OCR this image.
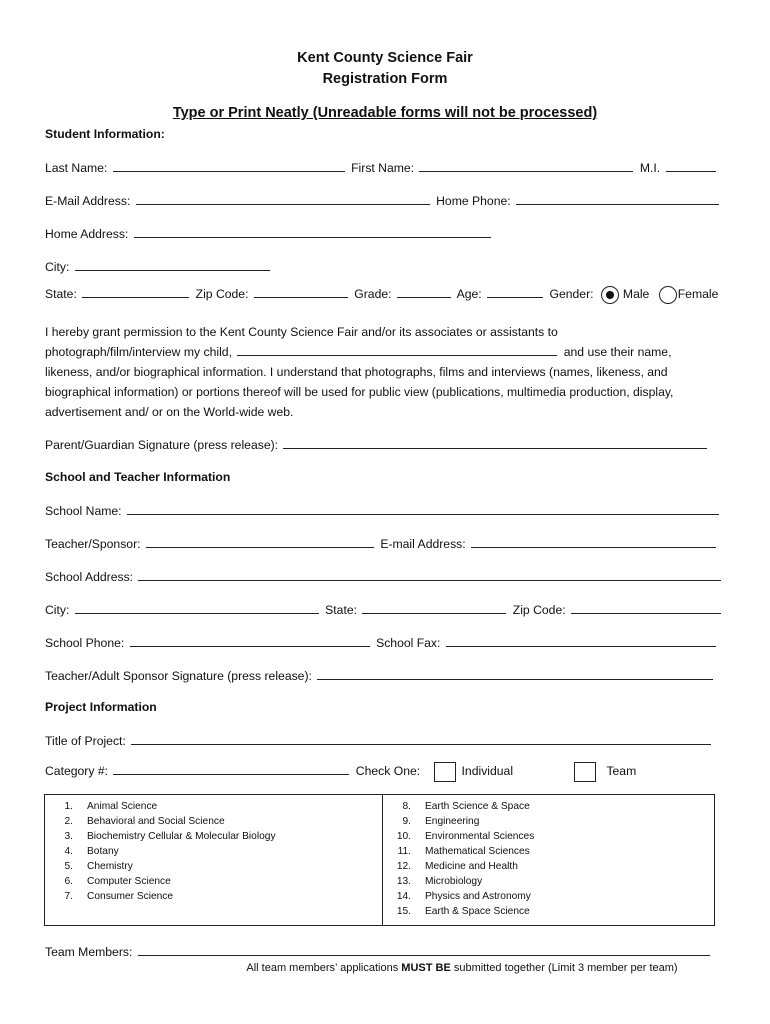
Kent County Science Fair
Registration Form
Type or Print Neatly (Unreadable forms will not be processed)
Student Information:
Last Name:	First Name:	M.I.
E-Mail Address:	Home Phone:
Home Address:
City:
State:	Zip Code:	Grade:	Age:	Gender: Male Female
I hereby grant permission to the Kent County Science Fair and/or its associates or assistants to
photograph/film/interview my child,	and use their name,
likeness, and/or biographical information. I understand that photographs, films and interviews (names, likeness, and
biographical information) or portions thereof will be used for public view (publications, multimedia production, display,
advertisement and/ or on the World-wide web.
Parent/Guardian Signature (press release):
School and Teacher Information
School Name:
Teacher/Sponsor:	E-mail Address:
School Address:
City:	State:	Zip Code:
School Phone:	School Fax:
Teacher/Adult Sponsor Signature (press release):
Project Information
Title of Project:
Category #:	Check One:	Individual	Team
1. Animal Science
2. Behavioral and Social Science
3. Biochemistry Cellular & Molecular Biology
4. Botany
5. Chemistry
6. Computer Science
7. Consumer Science
8. Earth Science & Space
9. Engineering
10. Environmental Sciences
11. Mathematical Sciences
12. Medicine and Health
13. Microbiology
14. Physics and Astronomy
15. Earth & Space Science
Team Members:
All team members’ applications MUST BE submitted together (Limit 3 member per team)
